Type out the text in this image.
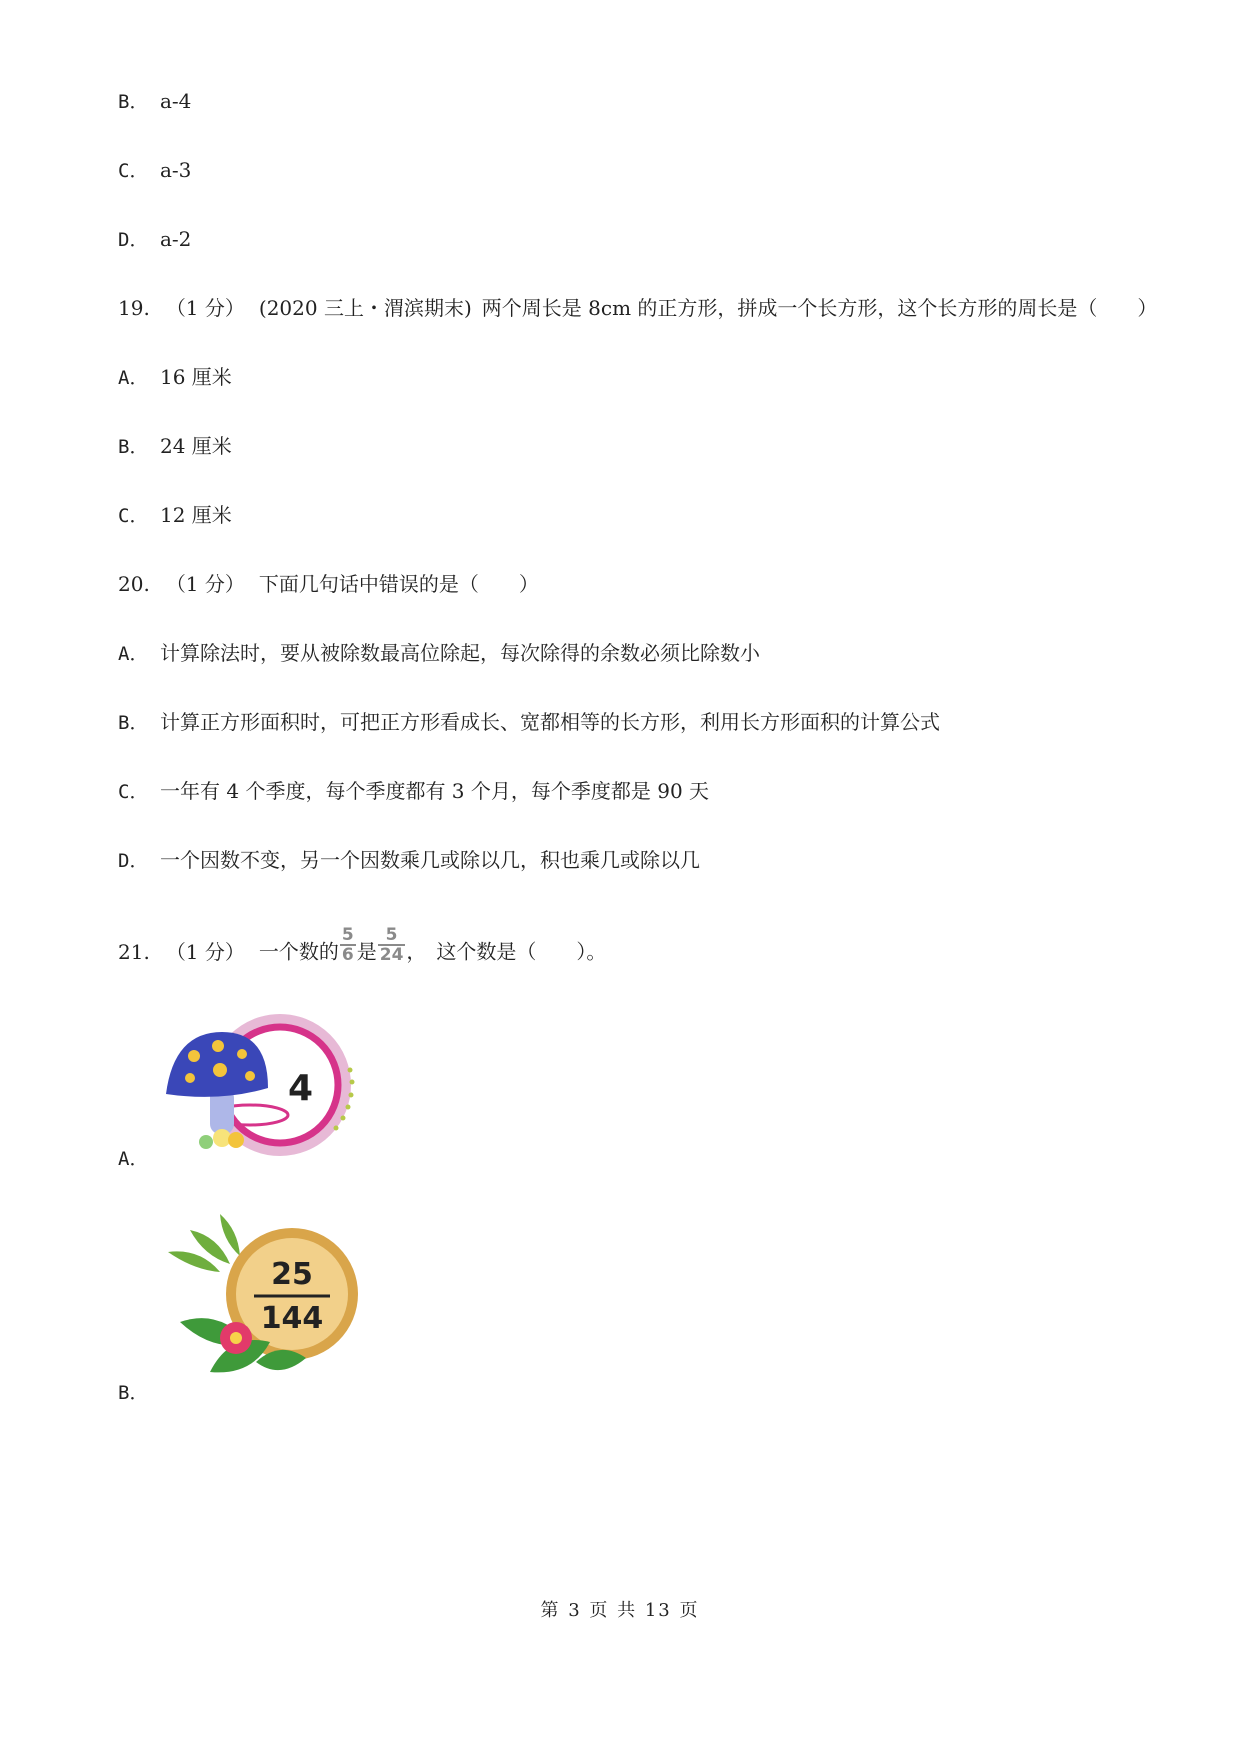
B． a-4
C． a-3
D． a-2
19. （1 分） (2020 三上・渭滨期末) 两个周长是 8cm 的正方形，拼成一个长方形，这个长方形的周长是（　　）
A． 16 厘米
B． 24 厘米
C． 12 厘米
20. （1 分） 下面几句话中错误的是（　　）
A． 计算除法时，要从被除数最高位除起，每次除得的余数必须比除数小
B． 计算正方形面积时，可把正方形看成长、宽都相等的长方形，利用长方形面积的计算公式
C． 一年有 4 个季度，每个季度都有 3 个月，每个季度都是 90 天
D． 一个因数不变，另一个因数乘几或除以几，积也乘几或除以几
21. （1 分） 一个数的 $\frac{5}{6}$ 是 $\frac{5}{24}$ ，　这个数是（　　）。
4
A．
25
144
B．
第 3 页 共 13 页
